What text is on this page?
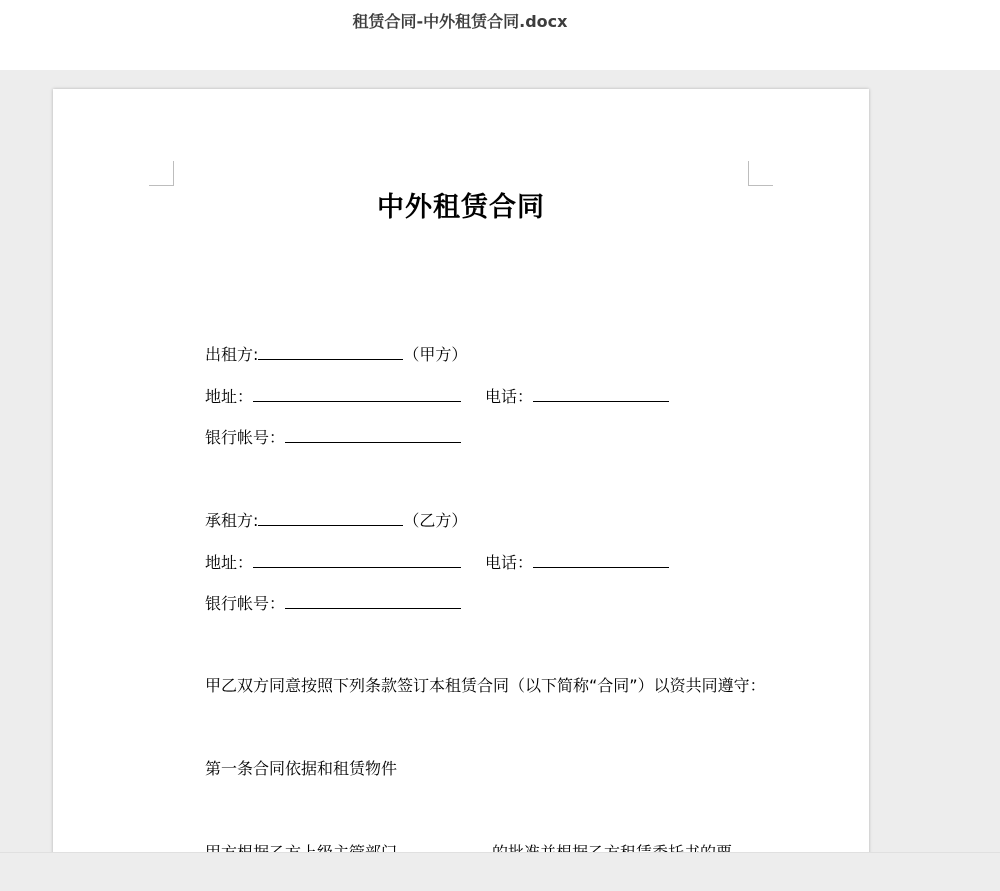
租赁合同-中外租赁合同.docx
中外租赁合同
出租方:	（甲方）
地址：	电话：
银行帐号：
承租方:	（乙方）
地址：	电话：
银行帐号：
甲乙双方同意按照下列条款签订本租赁合同（以下简称“合同”）以资共同遵守：
第一条合同依据和租赁物件
